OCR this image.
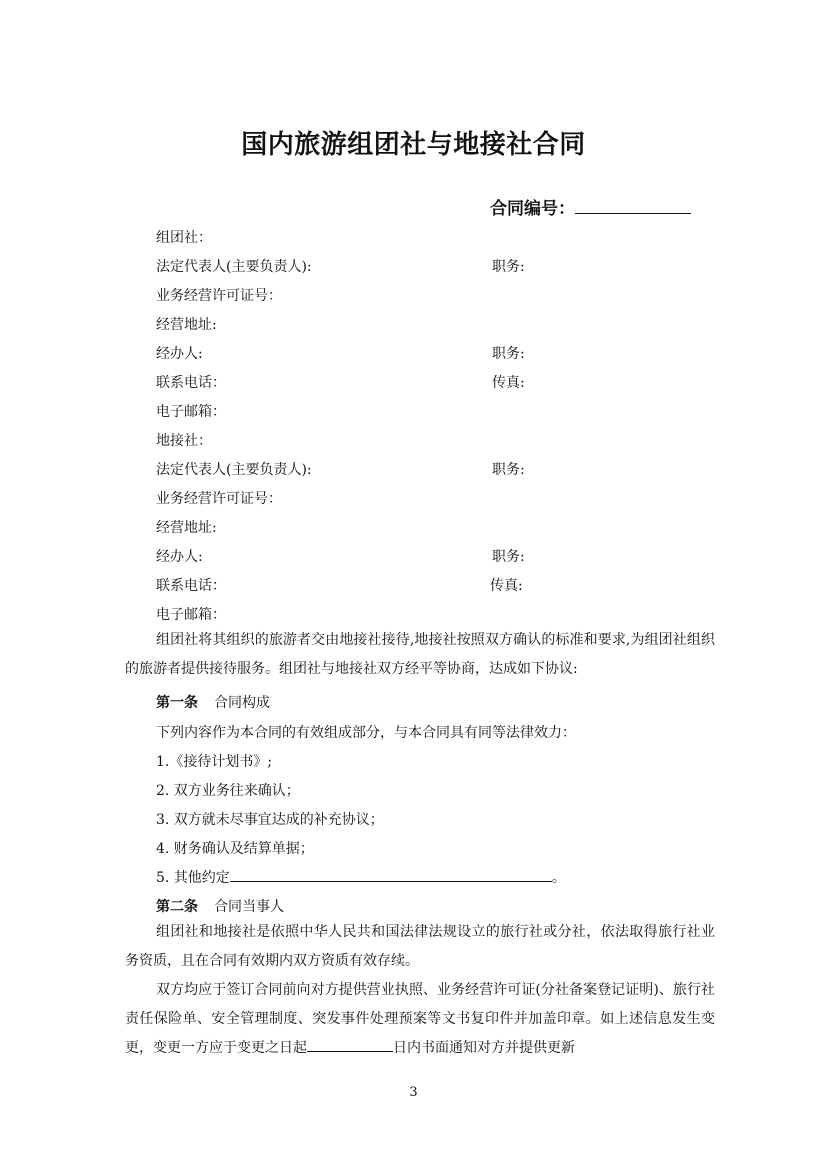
国内旅游组团社与地接社合同
合同编号：
组团社：
法定代表人(主要负责人):	职务:
业务经营许可证号：
经营地址:
经办人:	职务:
联系电话：	传真:
电子邮箱：
地接社：
法定代表人(主要负责人):	职务:
业务经营许可证号：
经营地址:
经办人:	职务:
联系电话：	传真:
电子邮箱：
组团社将其组织的旅游者交由地接社接待,地接社按照双方确认的标准和要求,为组团社组织的旅游者提供接待服务。组团社与地接社双方经平等协商，达成如下协议:
第一条 合同构成
下列内容作为本合同的有效组成部分，与本合同具有同等法律效力：
1.《接待计划书》;
2. 双方业务往来确认；
3. 双方就未尽事宜达成的补充协议；
4. 财务确认及结算单据；
5. 其他约定	。
第二条 合同当事人
组团社和地接社是依照中华人民共和国法律法规设立的旅行社或分社，依法取得旅行社业务资质，且在合同有效期内双方资质有效存续。
双方均应于签订合同前向对方提供营业执照、业务经营许可证(分社备案登记证明)、旅行社责任保险单、安全管理制度、突发事件处理预案等文书复印件并加盖印章。如上述信息发生变更，变更一方应于变更之日起	日内书面通知对方并提供更新
3
